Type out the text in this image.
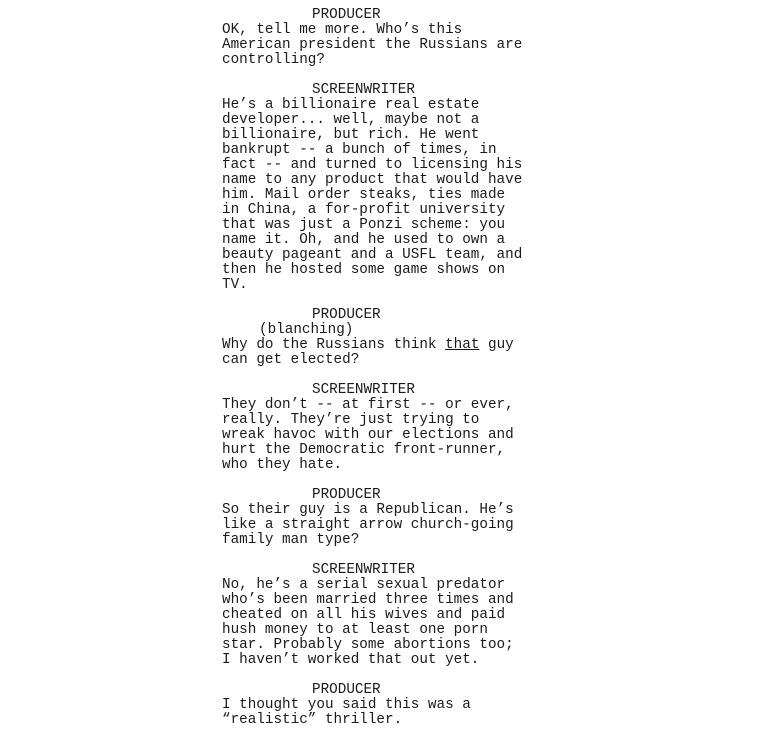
PRODUCER
OK, tell me more. Who’s this
American president the Russians are
controlling?
SCREENWRITER
He’s a billionaire real estate
developer... well, maybe not a
billionaire, but rich. He went
bankrupt -- a bunch of times, in
fact -- and turned to licensing his
name to any product that would have
him. Mail order steaks, ties made
in China, a for-profit university
that was just a Ponzi scheme: you
name it. Oh, and he used to own a
beauty pageant and a USFL team, and
then he hosted some game shows on
TV.
PRODUCER
(blanching)
Why do the Russians think that guy
can get elected?
SCREENWRITER
They don’t -- at first -- or ever,
really. They’re just trying to
wreak havoc with our elections and
hurt the Democratic front-runner,
who they hate.
PRODUCER
So their guy is a Republican. He’s
like a straight arrow church-going
family man type?
SCREENWRITER
No, he’s a serial sexual predator
who’s been married three times and
cheated on all his wives and paid
hush money to at least one porn
star. Probably some abortions too;
I haven’t worked that out yet.
PRODUCER
I thought you said this was a
“realistic” thriller.
